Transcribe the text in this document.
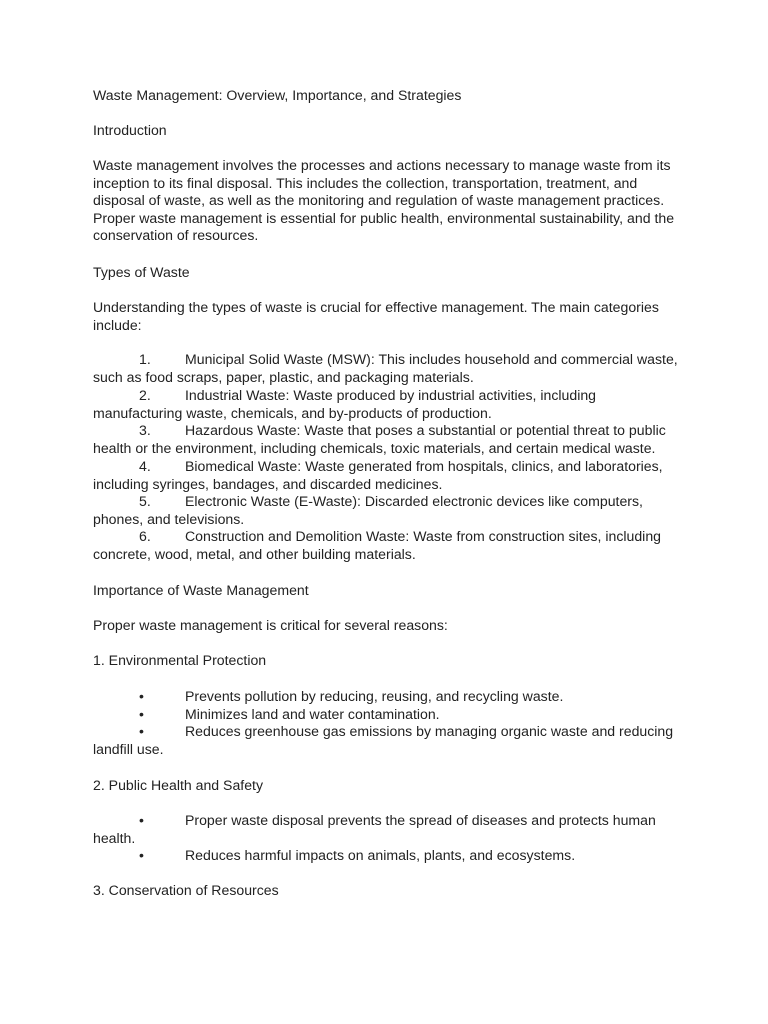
Waste Management: Overview, Importance, and Strategies

Introduction

Waste management involves the processes and actions necessary to manage waste from its inception to its final disposal. This includes the collection, transportation, treatment, and disposal of waste, as well as the monitoring and regulation of waste management practices. Proper waste management is essential for public health, environmental sustainability, and the conservation of resources.

Types of Waste

Understanding the types of waste is crucial for effective management. The main categories include:

1. Municipal Solid Waste (MSW): This includes household and commercial waste, such as food scraps, paper, plastic, and packaging materials.

2. Industrial Waste: Waste produced by industrial activities, including manufacturing waste, chemicals, and by-products of production.

3. Hazardous Waste: Waste that poses a substantial or potential threat to public health or the environment, including chemicals, toxic materials, and certain medical waste.

4. Biomedical Waste: Waste generated from hospitals, clinics, and laboratories, including syringes, bandages, and discarded medicines.

5. Electronic Waste (E-Waste): Discarded electronic devices like computers, phones, and televisions.

6. Construction and Demolition Waste: Waste from construction sites, including concrete, wood, metal, and other building materials.

Importance of Waste Management

Proper waste management is critical for several reasons:

1. Environmental Protection

•	Prevents pollution by reducing, reusing, and recycling waste.

•	Minimizes land and water contamination.

•	Reduces greenhouse gas emissions by managing organic waste and reducing landfill use.

2. Public Health and Safety

•	Proper waste disposal prevents the spread of diseases and protects human health.

•	Reduces harmful impacts on animals, plants, and ecosystems.

3. Conservation of Resources
